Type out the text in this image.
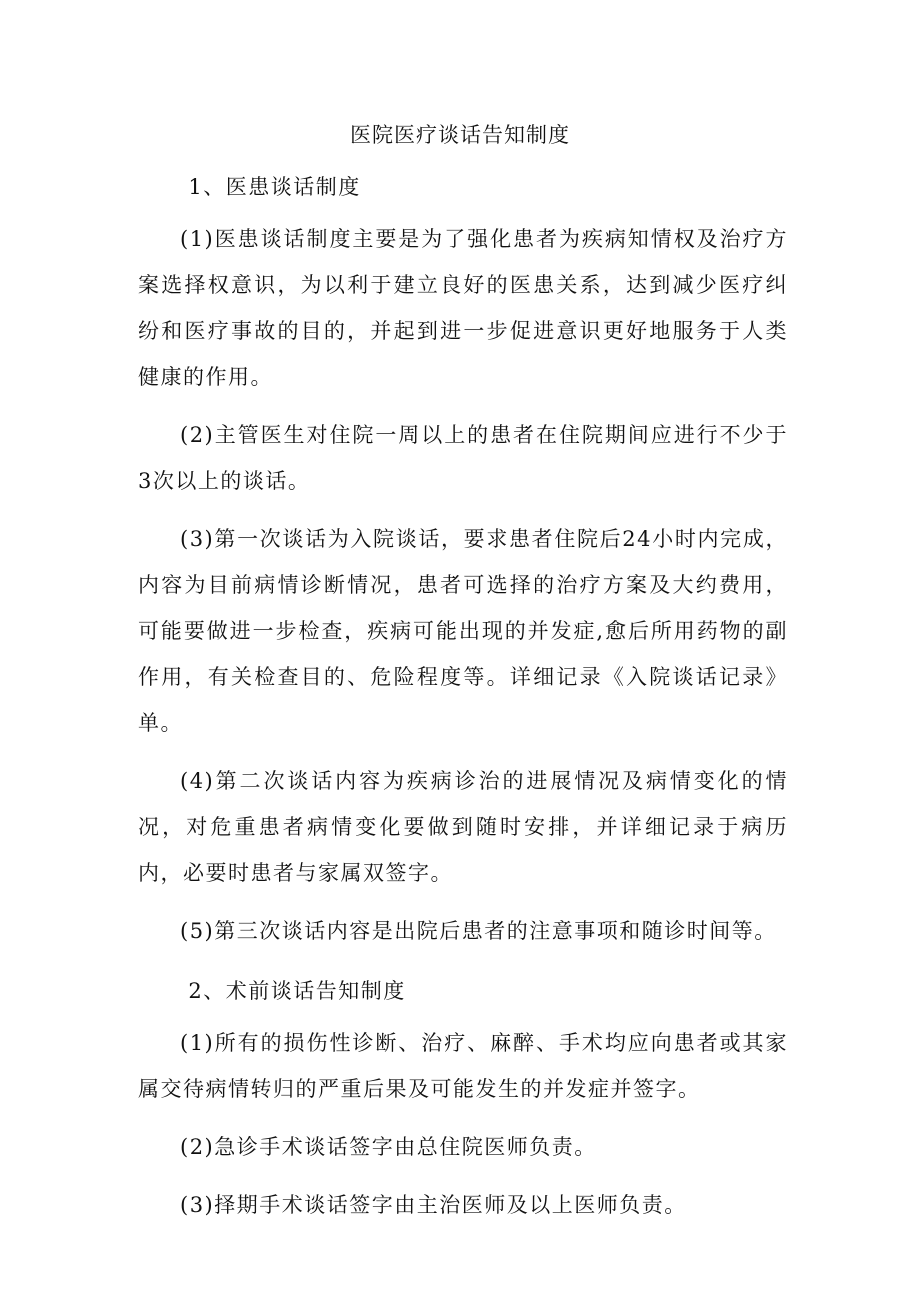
医院医疗谈话告知制度

1、医患谈话制度

(1)医患谈话制度主要是为了强化患者为疾病知情权及治疗方案选择权意识，为以利于建立良好的医患关系，达到减少医疗纠纷和医疗事故的目的，并起到进一步促进意识更好地服务于人类健康的作用。

(2)主管医生对住院一周以上的患者在住院期间应进行不少于3次以上的谈话。

(3)第一次谈话为入院谈话，要求患者住院后24小时内完成，内容为目前病情诊断情况，患者可选择的治疗方案及大约费用，可能要做进一步检查，疾病可能出现的并发症,愈后所用药物的副作用，有关检查目的、危险程度等。详细记录《入院谈话记录》单。

(4)第二次谈话内容为疾病诊治的进展情况及病情变化的情况，对危重患者病情变化要做到随时安排，并详细记录于病历内，必要时患者与家属双签字。

(5)第三次谈话内容是出院后患者的注意事项和随诊时间等。

2、术前谈话告知制度

(1)所有的损伤性诊断、治疗、麻醉、手术均应向患者或其家属交待病情转归的严重后果及可能发生的并发症并签字。

(2)急诊手术谈话签字由总住院医师负责。

(3)择期手术谈话签字由主治医师及以上医师负责。
